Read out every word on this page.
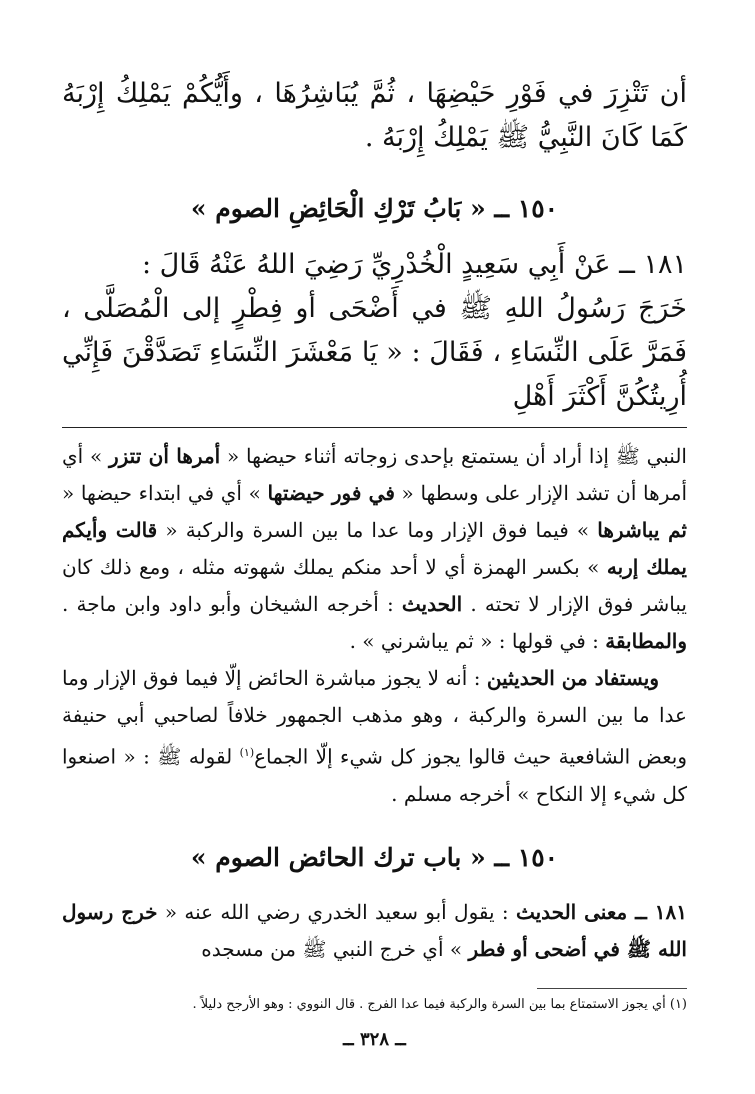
أن تَتْزِرَ في فَوْرِ حَيْضِهَا ، ثُمَّ يُبَاشِرُهَا ، وأَيُّكُمْ يَمْلِكُ إِرْبَهُ كَمَا كَانَ النَّبِيُّ ﷺ يَمْلِكُ إِرْبَهُ .

١٥٠ ــ « بَابُ تَرْكِ الْحَائِضِ الصوم »

١٨١ ــ عَنْ أَبِي سَعِيدٍ الْخُدْرِيِّ رَضِيَ اللهُ عَنْهُ قَالَ :

خَرَجَ رَسُولُ اللهِ ﷺ في أَضْحَى أو فِطْرٍ إلى الْمُصَلَّى ، فَمَرَّ عَلَى النِّسَاءِ ، فَقَالَ : « يَا مَعْشَرَ النِّسَاءِ تَصَدَّقْنَ فَإِنِّي أُرِيتُكُنَّ أَكْثَرَ أَهْلِ

النبي ﷺ إذا أراد أن يستمتع بإحدى زوجاته أثناء حيضها « أمرها أن تتزر » أي أمرها أن تشد الإزار على وسطها « في فور حيضتها » أي في ابتداء حيضها « ثم يباشرها » فيما فوق الإزار وما عدا ما بين السرة والركبة « قالت وأيكم يملك إربه » بكسر الهمزة أي لا أحد منكم يملك شهوته مثله ، ومع ذلك كان يباشر فوق الإزار لا تحته . الحديث : أخرجه الشيخان وأبو داود وابن ماجة . والمطابقة : في قولها : « ثم يباشرني » .

ويستفاد من الحديثين : أنه لا يجوز مباشرة الحائض إلّا فيما فوق الإزار وما عدا ما بين السرة والركبة ، وهو مذهب الجمهور خلافاً لصاحبي أبي حنيفة وبعض الشافعية حيث قالوا يجوز كل شيء إلّا الجماع$^{(١)}$ لقوله ﷺ : « اصنعوا كل شيء إلا النكاح » أخرجه مسلم .

١٥٠ ــ « باب ترك الحائض الصوم »

١٨١ ــ معنى الحديث : يقول أبو سعيد الخدري رضي الله عنه « خرج رسول الله ﷺ في أضحى أو فطر » أي خرج النبي ﷺ من مسجده

(١) أي يجوز الاستمتاع بما بين السرة والركبة فيما عدا الفرج . قال النووي : وهو الأرجح دليلاً .

ــ ٣٢٨ ــ
